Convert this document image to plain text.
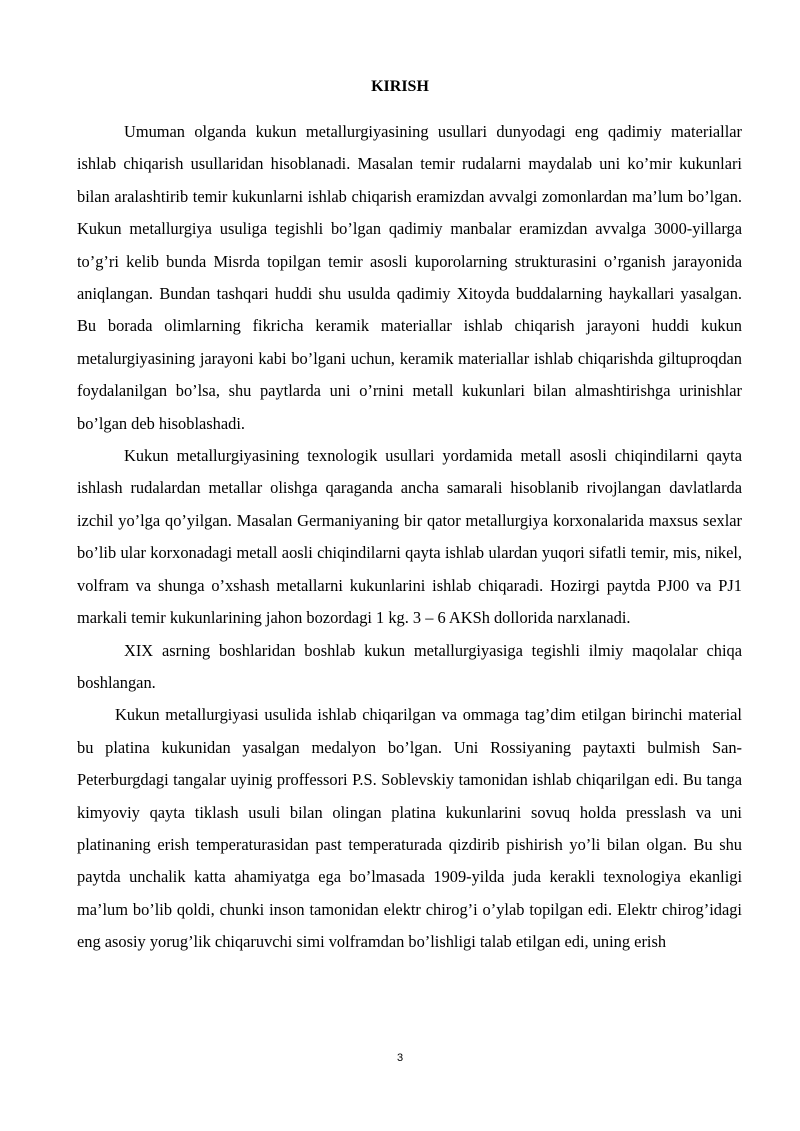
KIRISH

Umuman olganda kukun metallurgiyasining usullari dunyodagi eng qadimiy materiallar ishlab chiqarish usullaridan hisoblanadi. Masalan temir rudalarni maydalab uni ko’mir kukunlari bilan aralashtirib temir kukunlarni ishlab chiqarish eramizdan avvalgi zomonlardan ma’lum bo’lgan. Kukun metallurgiya usuliga tegishli bo’lgan qadimiy manbalar eramizdan avvalga 3000-yillarga to’g’ri kelib bunda Misrda topilgan temir asosli kuporolarning strukturasini o’rganish jarayonida aniqlangan. Bundan tashqari huddi shu usulda qadimiy Xitoyda buddalarning haykallari yasalgan. Bu borada olimlarning fikricha keramik materiallar ishlab chiqarish jarayoni huddi kukun metalurgiyasining jarayoni kabi bo’lgani uchun, keramik materiallar ishlab chiqarishda giltuproqdan foydalanilgan bo’lsa, shu paytlarda uni o’rnini metall kukunlari bilan almashtirishga urinishlar bo’lgan deb hisoblashadi.

Kukun metallurgiyasining texnologik usullari yordamida metall asosli chiqindilarni qayta ishlash rudalardan metallar olishga qaraganda ancha samarali hisoblanib rivojlangan davlatlarda izchil yo’lga qo’yilgan. Masalan Germaniyaning bir qator metallurgiya korxonalarida maxsus sexlar bo’lib ular korxonadagi metall aosli chiqindilarni qayta ishlab ulardan yuqori sifatli temir, mis, nikel, volfram va shunga o’xshash metallarni kukunlarini ishlab chiqaradi. Hozirgi paytda PJ00 va PJ1 markali temir kukunlarining jahon bozordagi 1 kg. 3 – 6 AKSh dollorida narxlanadi.

XIX asrning boshlaridan boshlab kukun metallurgiyasiga tegishli ilmiy maqolalar chiqa boshlangan.

Kukun metallurgiyasi usulida ishlab chiqarilgan va ommaga tag’dim etilgan birinchi material bu platina kukunidan yasalgan medalyon bo’lgan. Uni Rossiyaning paytaxti bulmish San-Peterburgdagi tangalar uyinig proffessori P.S. Soblevskiy tamonidan ishlab chiqarilgan edi. Bu tanga kimyoviy qayta tiklash usuli bilan olingan platina kukunlarini sovuq holda presslash va uni platinaning erish temperaturasidan past temperaturada qizdirib pishirish yo’li bilan olgan. Bu shu paytda unchalik katta ahamiyatga ega bo’lmasada 1909-yilda juda kerakli texnologiya ekanligi ma’lum bo’lib qoldi, chunki inson tamonidan elektr chirog’i o’ylab topilgan edi. Elektr chirog’idagi eng asosiy yorug’lik chiqaruvchi simi volframdan bo’lishligi talab etilgan edi, uning erish

3
